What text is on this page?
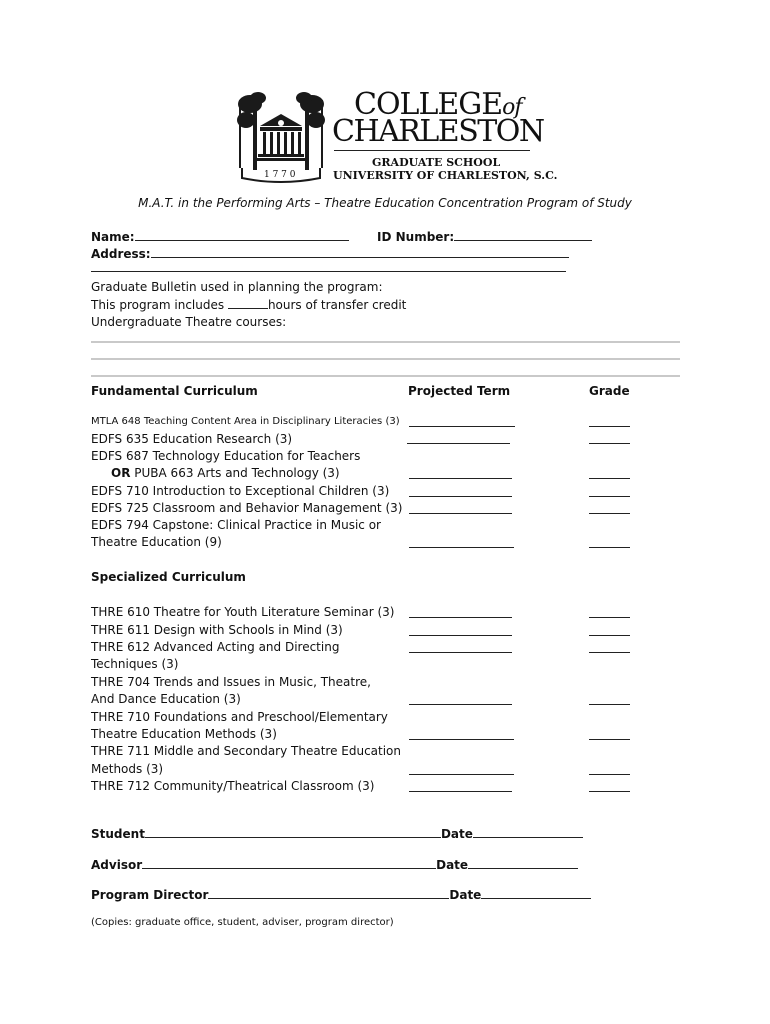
1 7 7 0
COLLEGEof
CHARLESTON
GRADUATE SCHOOL
UNIVERSITY OF CHARLESTON, S.C.
M.A.T. in the Performing Arts – Theatre Education Concentration Program of Study
Name:	ID Number:
Address:
Graduate Bulletin used in planning the program:
This program includes	hours of transfer credit
Undergraduate Theatre courses:
Fundamental Curriculum	Projected Term	Grade
MTLA 648 Teaching Content Area in Disciplinary Literacies (3)
EDFS 635 Education Research (3)
EDFS 687 Technology Education for Teachers
OR PUBA 663 Arts and Technology (3)
EDFS 710 Introduction to Exceptional Children (3)
EDFS 725 Classroom and Behavior Management (3)
EDFS 794 Capstone: Clinical Practice in Music or
Theatre Education (9)
Specialized Curriculum
THRE 610 Theatre for Youth Literature Seminar (3)
THRE 611 Design with Schools in Mind (3)
THRE 612 Advanced Acting and Directing
Techniques (3)
THRE 704 Trends and Issues in Music, Theatre,
And Dance Education (3)
THRE 710 Foundations and Preschool/Elementary
Theatre Education Methods (3)
THRE 711 Middle and Secondary Theatre Education
Methods (3)
THRE 712 Community/Theatrical Classroom (3)
Student	Date
Advisor	Date
Program Director	Date
(Copies: graduate office, student, adviser, program director)
